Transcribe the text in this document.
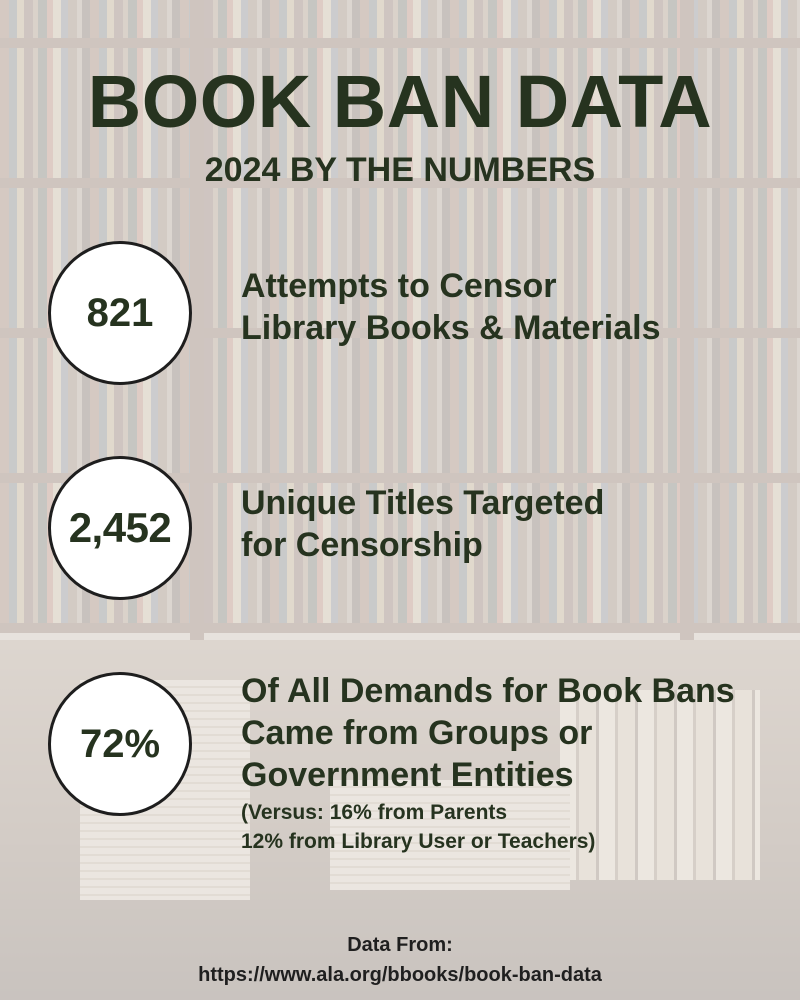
BOOK BAN DATA
2024 BY THE NUMBERS
821
Attempts to Censor
Library Books & Materials
2,452
Unique Titles Targeted
for Censorship
72%
Of All Demands for Book Bans
Came from Groups or
Government Entities
(Versus: 16% from Parents
12% from Library User or Teachers)
Data From:
https://www.ala.org/bbooks/book-ban-data
